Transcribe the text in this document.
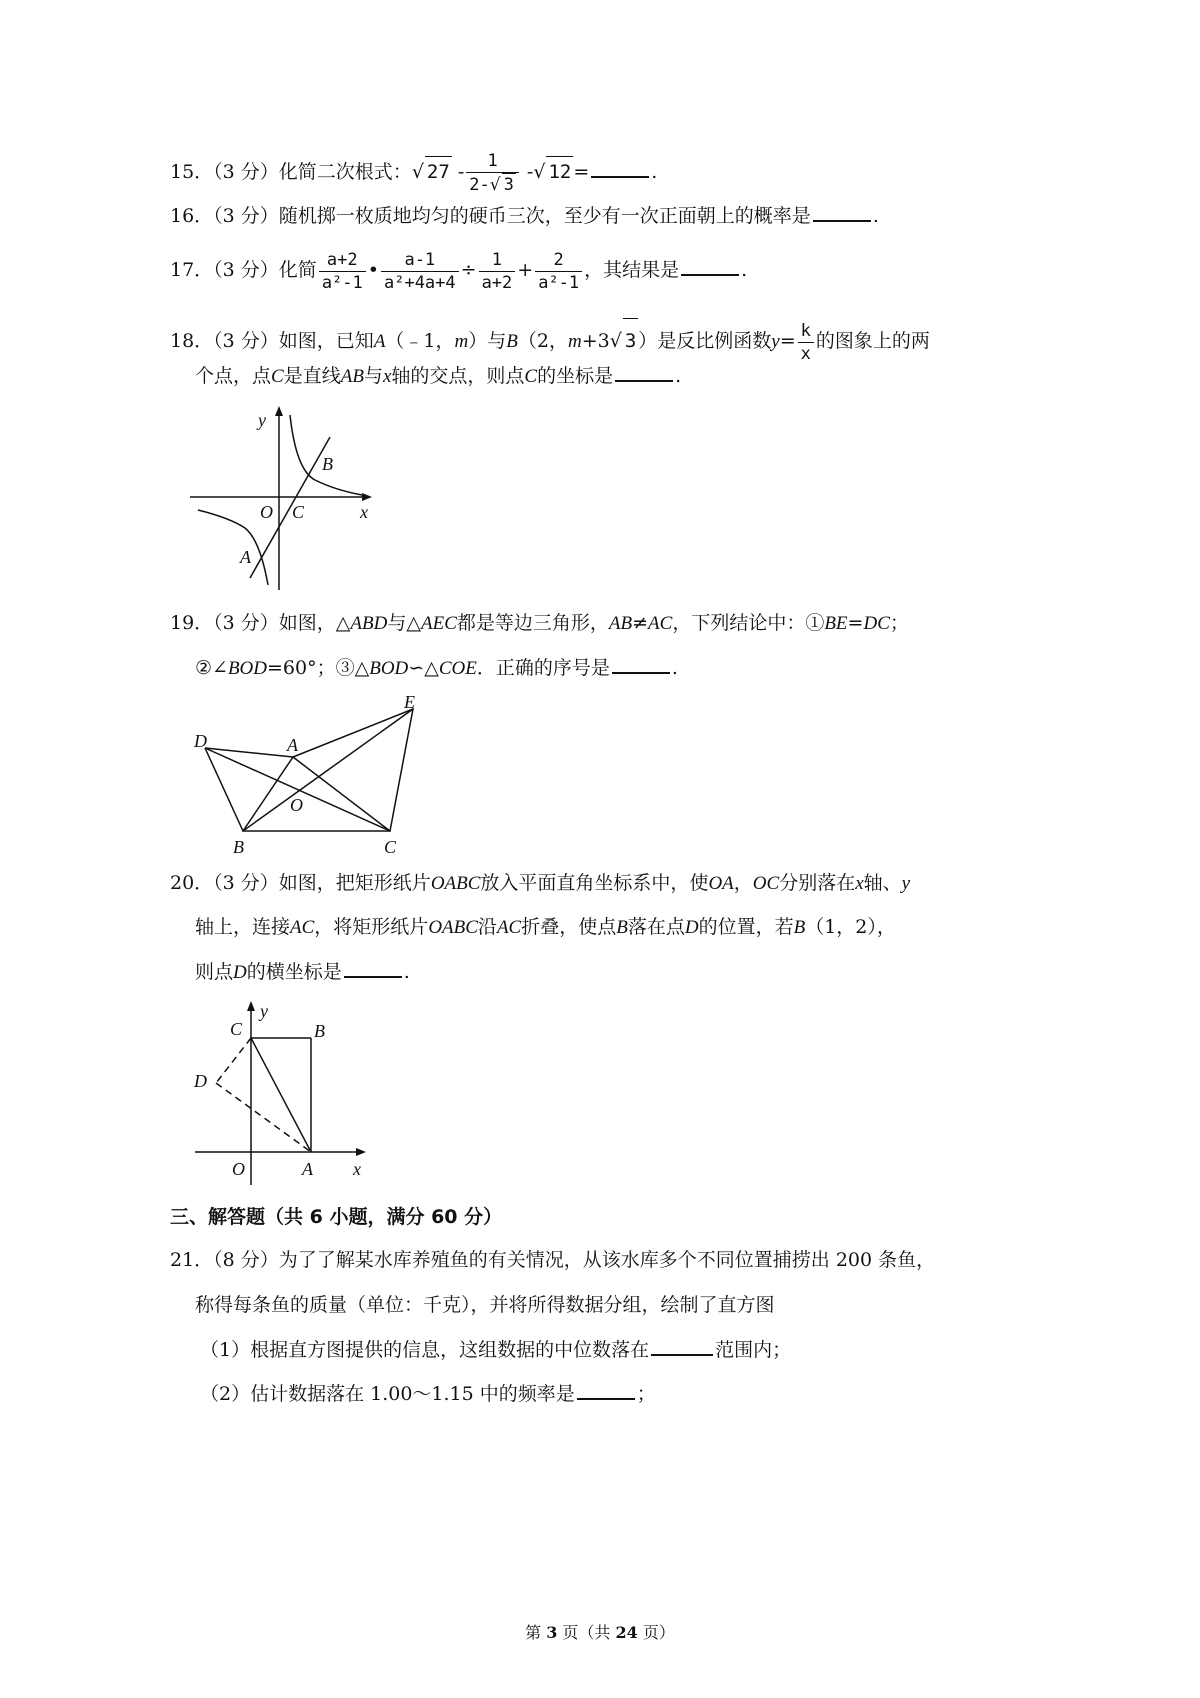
15．（3 分）化简二次根式：√ $27 - \frac{1}{2-√ 3}$ -√ 12 =	.
16．（3 分）随机掷一枚质地均匀的硬币三次，至少有一次正面朝上的概率是	.
17．（3 分）化简 $\frac{a+2}{\text{a²-1}}$ • $\frac{a-1}{\text{a²+4a+4}} \div \frac{1}{a+2} + \frac{2}{\text{a²-1}}$ ，其结果是	.
18．（3 分）如图，已知A（﹣1，m）与B（2，m+3√ 3 ）是反比例函数$y= \frac{k}{x}$ 的图象上的两
个点，点C是直线AB与x轴的交点，则点C的坐标是	.
y
x
O C
A
B
19．（3 分）如图，△ABD与△AEC都是等边三角形，AB≠AC，下列结论中：①BE=DC；
②∠BOD=60°；③△BOD∽△COE．正确的序号是	.
D	A
E
O
B	C
20．（3 分）如图，把矩形纸片OABC放入平面直角坐标系中，使OA，OC分别落在x轴、y
轴上，连接AC，将矩形纸片OABC沿AC折叠，使点B落在点D的位置，若B（1，2），
则点D的横坐标是	.
y
C	B
D
O	A x
三、解答题（共 6 小题，满分 60 分）
21．（8 分）为了了解某水库养殖鱼的有关情况，从该水库多个不同位置捕捞出 200 条鱼，
称得每条鱼的质量（单位：千克），并将所得数据分组，绘制了直方图
（1）根据直方图提供的信息，这组数据的中位数落在	范围内；
（2）估计数据落在 1.00～1.15 中的频率是	；
第 3 页（共 24 页）
